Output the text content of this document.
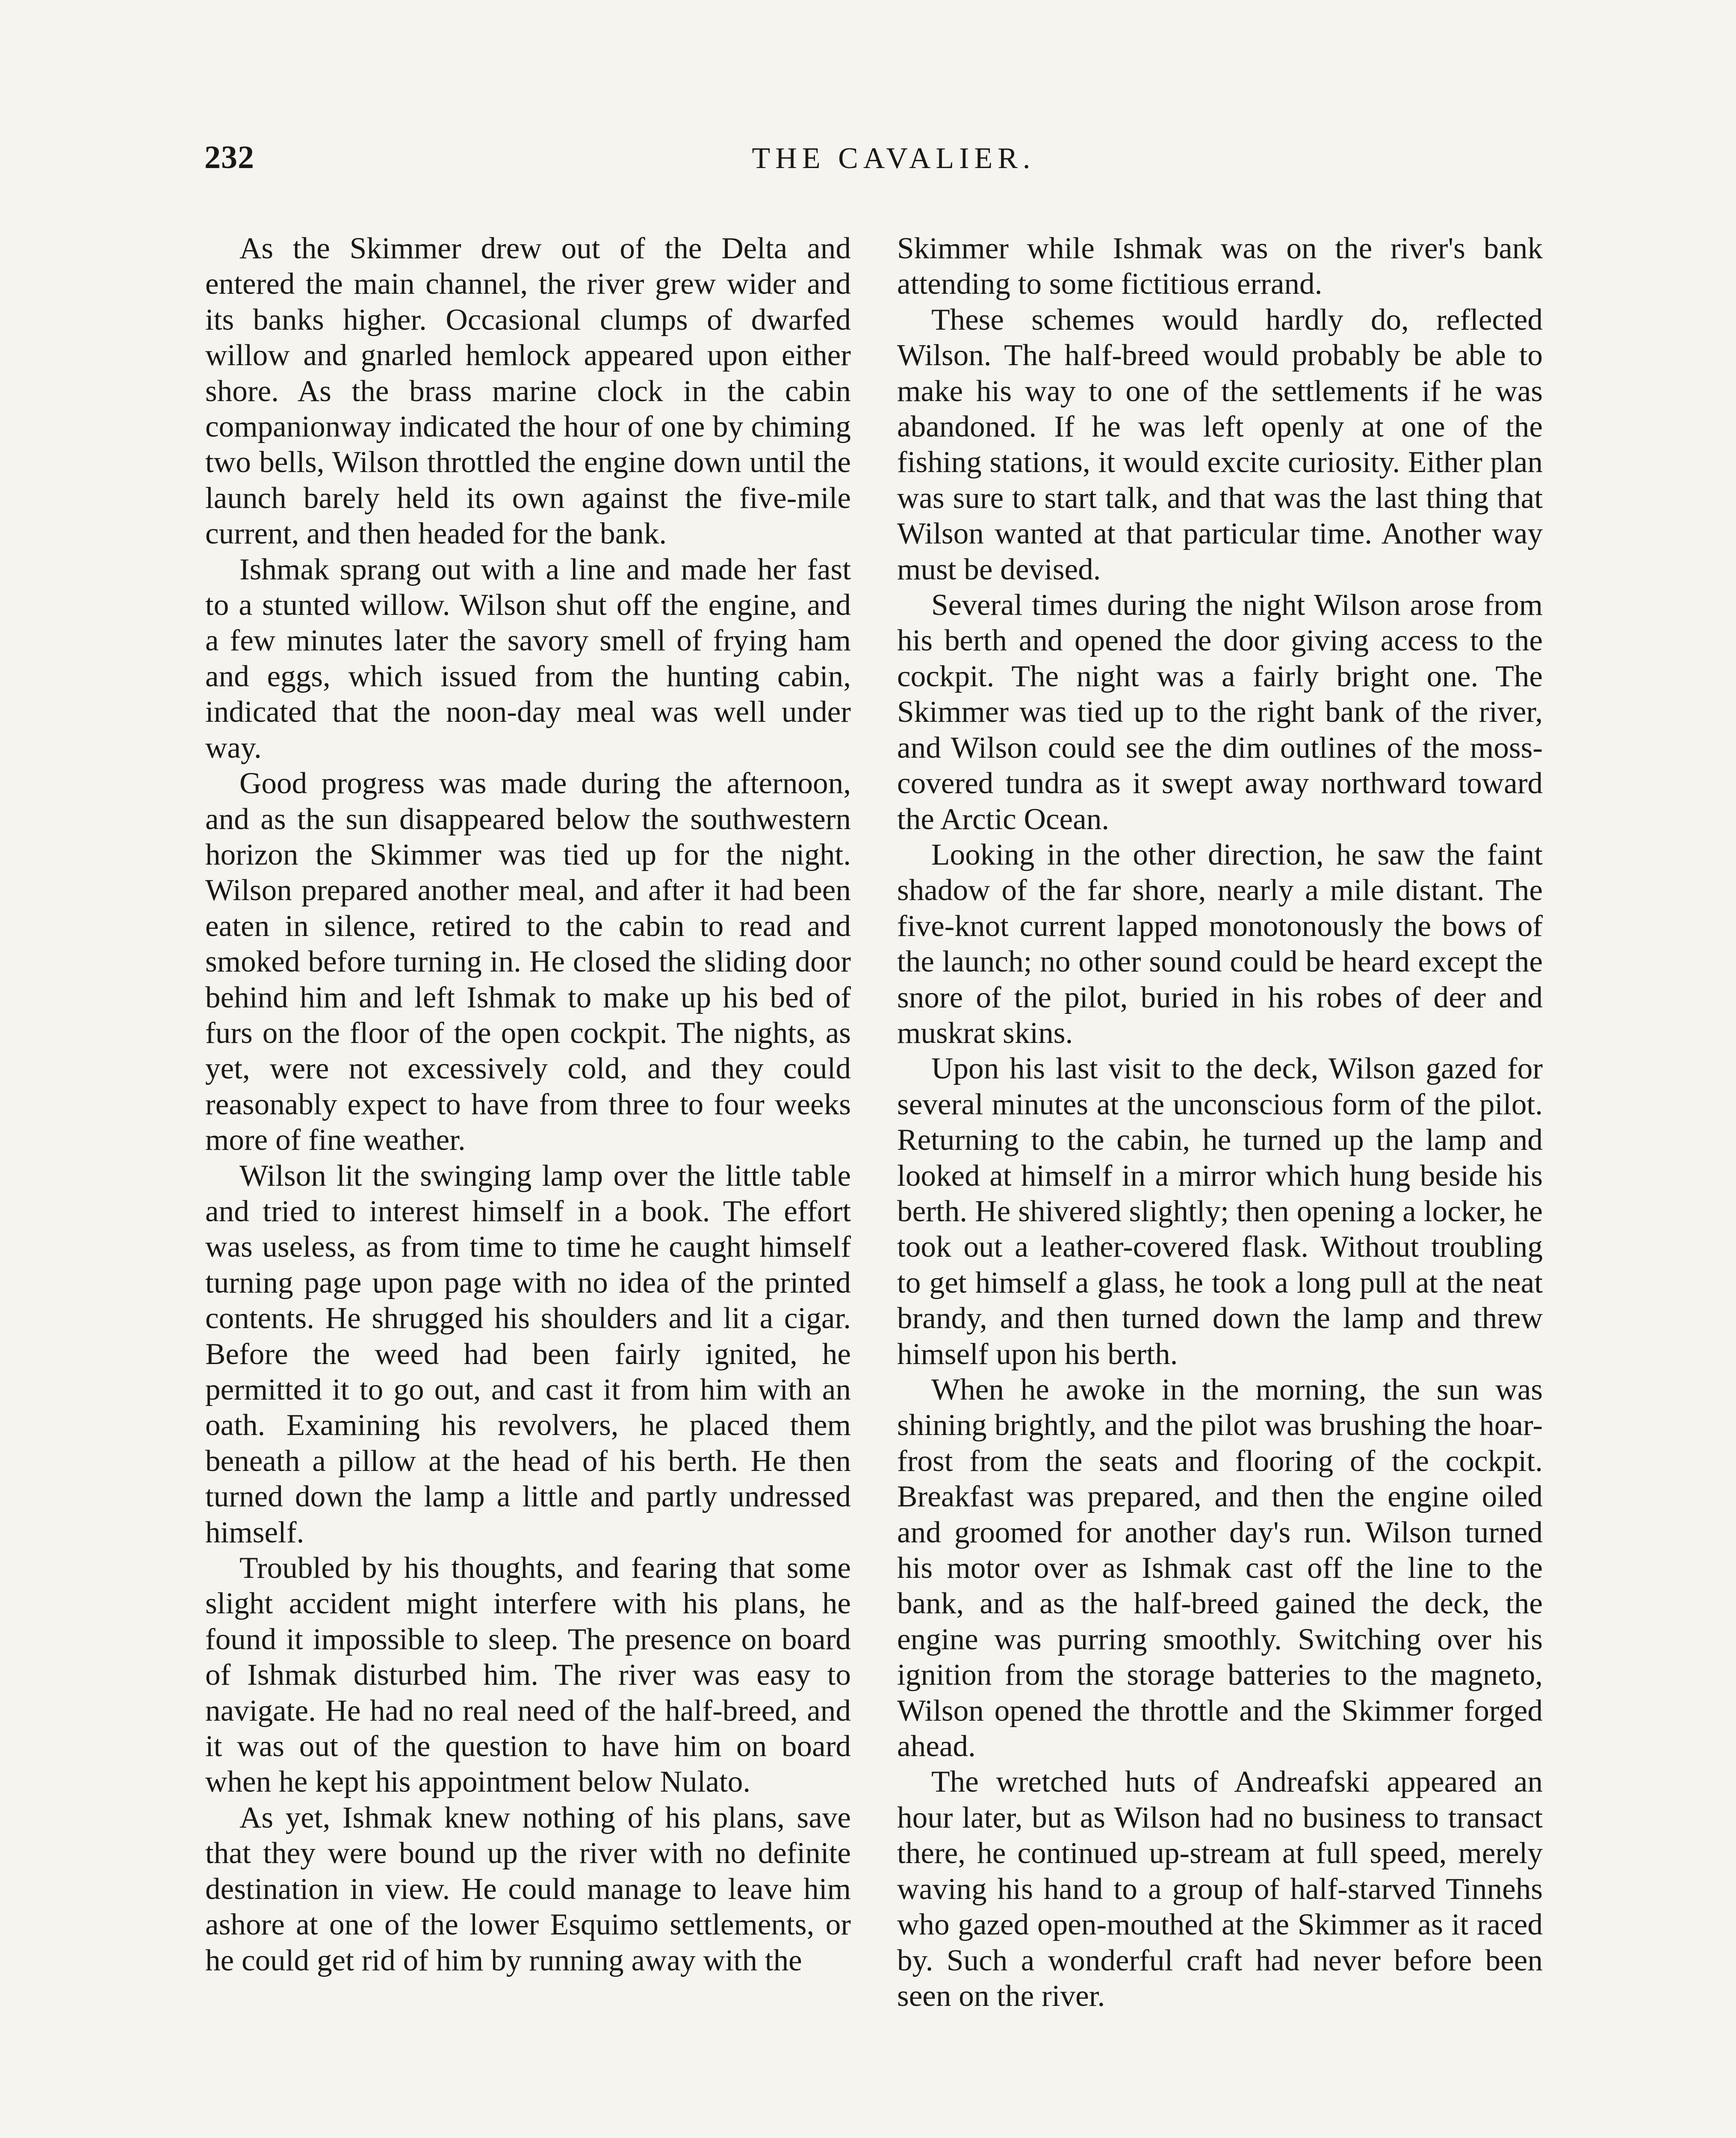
232	THE CAVALIER.

As the Skimmer drew out of the Delta and entered the main channel, the river grew wider and its banks higher. Occasional clumps of dwarfed willow and gnarled hemlock appeared upon either shore. As the brass marine clock in the cabin companionway indicated the hour of one by chiming two bells, Wilson throttled the engine down until the launch barely held its own against the five-mile current, and then headed for the bank.

Ishmak sprang out with a line and made her fast to a stunted willow. Wilson shut off the engine, and a few minutes later the savory smell of frying ham and eggs, which issued from the hunting cabin, indicated that the noon-day meal was well under way.

Good progress was made during the afternoon, and as the sun disappeared below the southwestern horizon the Skimmer was tied up for the night. Wilson prepared another meal, and after it had been eaten in silence, retired to the cabin to read and smoked before turning in. He closed the sliding door behind him and left Ishmak to make up his bed of furs on the floor of the open cockpit. The nights, as yet, were not excessively cold, and they could reasonably expect to have from three to four weeks more of fine weather.

Wilson lit the swinging lamp over the little table and tried to interest himself in a book. The effort was useless, as from time to time he caught himself turning page upon page with no idea of the printed contents. He shrugged his shoulders and lit a cigar. Before the weed had been fairly ignited, he permitted it to go out, and cast it from him with an oath. Examining his revolvers, he placed them beneath a pillow at the head of his berth. He then turned down the lamp a little and partly undressed himself.

Troubled by his thoughts, and fearing that some slight accident might interfere with his plans, he found it impossible to sleep. The presence on board of Ishmak disturbed him. The river was easy to navigate. He had no real need of the half-breed, and it was out of the question to have him on board when he kept his appointment below Nulato.

As yet, Ishmak knew nothing of his plans, save that they were bound up the river with no definite destination in view. He could manage to leave him ashore at one of the lower Esquimo settlements, or he could get rid of him by running away with the

Skimmer while Ishmak was on the river's bank attending to some fictitious errand.

These schemes would hardly do, reflected Wilson. The half-breed would probably be able to make his way to one of the settlements if he was abandoned. If he was left openly at one of the fishing stations, it would excite curiosity. Either plan was sure to start talk, and that was the last thing that Wilson wanted at that particular time. Another way must be devised.

Several times during the night Wilson arose from his berth and opened the door giving access to the cockpit. The night was a fairly bright one. The Skimmer was tied up to the right bank of the river, and Wilson could see the dim outlines of the moss-covered tundra as it swept away northward toward the Arctic Ocean.

Looking in the other direction, he saw the faint shadow of the far shore, nearly a mile distant. The five-knot current lapped monotonously the bows of the launch; no other sound could be heard except the snore of the pilot, buried in his robes of deer and muskrat skins.

Upon his last visit to the deck, Wilson gazed for several minutes at the unconscious form of the pilot. Returning to the cabin, he turned up the lamp and looked at himself in a mirror which hung beside his berth. He shivered slightly; then opening a locker, he took out a leather-covered flask. Without troubling to get himself a glass, he took a long pull at the neat brandy, and then turned down the lamp and threw himself upon his berth.

When he awoke in the morning, the sun was shining brightly, and the pilot was brushing the hoar-frost from the seats and flooring of the cockpit. Breakfast was prepared, and then the engine oiled and groomed for another day's run. Wilson turned his motor over as Ishmak cast off the line to the bank, and as the half-breed gained the deck, the engine was purring smoothly. Switching over his ignition from the storage batteries to the magneto, Wilson opened the throttle and the Skimmer forged ahead.

The wretched huts of Andreafski appeared an hour later, but as Wilson had no business to transact there, he continued up-stream at full speed, merely waving his hand to a group of half-starved Tinnehs who gazed open-mouthed at the Skimmer as it raced by. Such a wonderful craft had never before been seen on the river.
